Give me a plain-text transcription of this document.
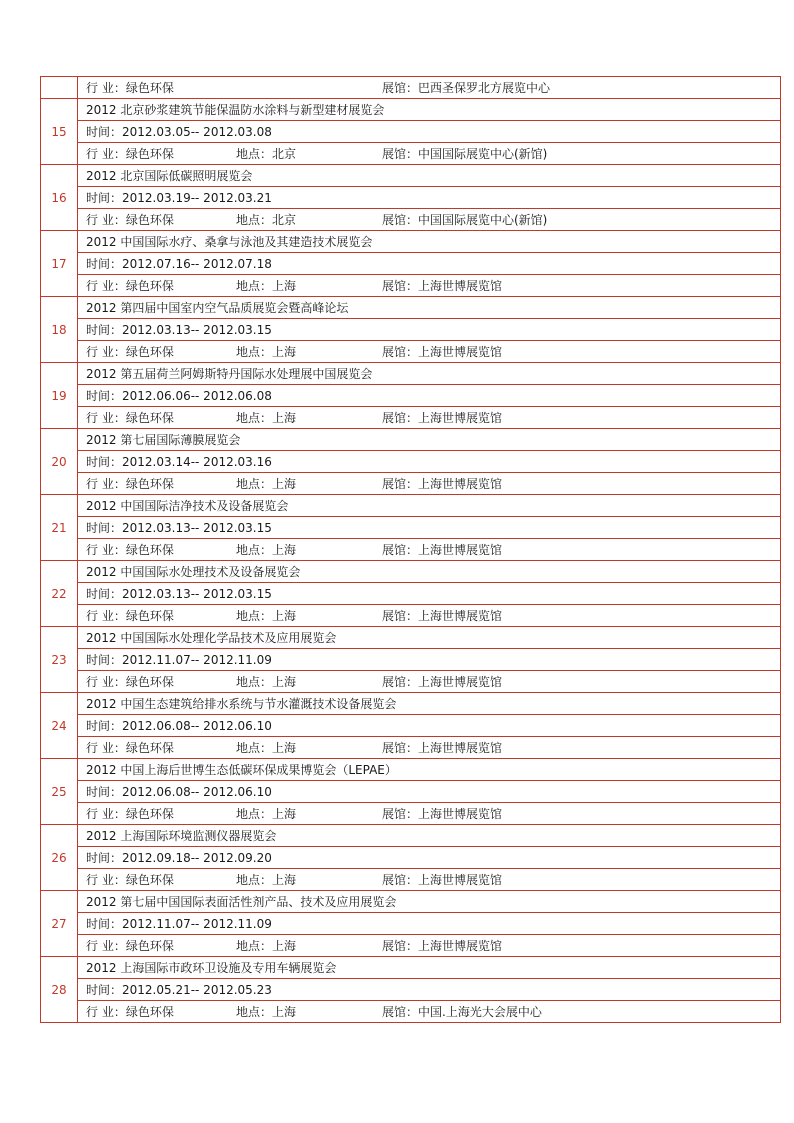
	行 业：绿色环保 展馆：巴西圣保罗北方展览中心

15	2012 北京砂浆建筑节能保温防水涂料与新型建材展览会
	时间：2012.03.05-- 2012.03.08

	行 业：绿色环保 地点：北京 展馆：中国国际展览中心(新馆)

16	2012 北京国际低碳照明展览会
	时间：2012.03.19-- 2012.03.21

	行 业：绿色环保 地点：北京 展馆：中国国际展览中心(新馆)

17	2012 中国国际水疗、桑拿与泳池及其建造技术展览会
	时间：2012.07.16-- 2012.07.18

	行 业：绿色环保 地点：上海 展馆：上海世博展览馆

18	2012 第四届中国室内空气品质展览会暨高峰论坛
	时间：2012.03.13-- 2012.03.15

	行 业：绿色环保 地点：上海 展馆：上海世博展览馆

19	2012 第五届荷兰阿姆斯特丹国际水处理展中国展览会
	时间：2012.06.06-- 2012.06.08

	行 业：绿色环保 地点：上海 展馆：上海世博展览馆

20	2012 第七届国际薄膜展览会
	时间：2012.03.14-- 2012.03.16

	行 业：绿色环保 地点：上海 展馆：上海世博展览馆

21	2012 中国国际洁净技术及设备展览会
	时间：2012.03.13-- 2012.03.15

	行 业：绿色环保 地点：上海 展馆：上海世博展览馆

22	2012 中国国际水处理技术及设备展览会
	时间：2012.03.13-- 2012.03.15

	行 业：绿色环保 地点：上海 展馆：上海世博展览馆

23	2012 中国国际水处理化学品技术及应用展览会
	时间：2012.11.07-- 2012.11.09

	行 业：绿色环保 地点：上海 展馆：上海世博展览馆

24	2012 中国生态建筑给排水系统与节水灌溉技术设备展览会
	时间：2012.06.08-- 2012.06.10

	行 业：绿色环保 地点：上海 展馆：上海世博展览馆

25	2012 中国上海后世博生态低碳环保成果博览会（LEPAE）
	时间：2012.06.08-- 2012.06.10

	行 业：绿色环保 地点：上海 展馆：上海世博展览馆

26	2012 上海国际环境监测仪器展览会
	时间：2012.09.18-- 2012.09.20

	行 业：绿色环保 地点：上海 展馆：上海世博展览馆

27	2012 第七届中国国际表面活性剂产品、技术及应用展览会
	时间：2012.11.07-- 2012.11.09

	行 业：绿色环保 地点：上海 展馆：上海世博展览馆

28	2012 上海国际市政环卫设施及专用车辆展览会
	时间：2012.05.21-- 2012.05.23

	行 业：绿色环保 地点：上海 展馆：中国.上海光大会展中心
